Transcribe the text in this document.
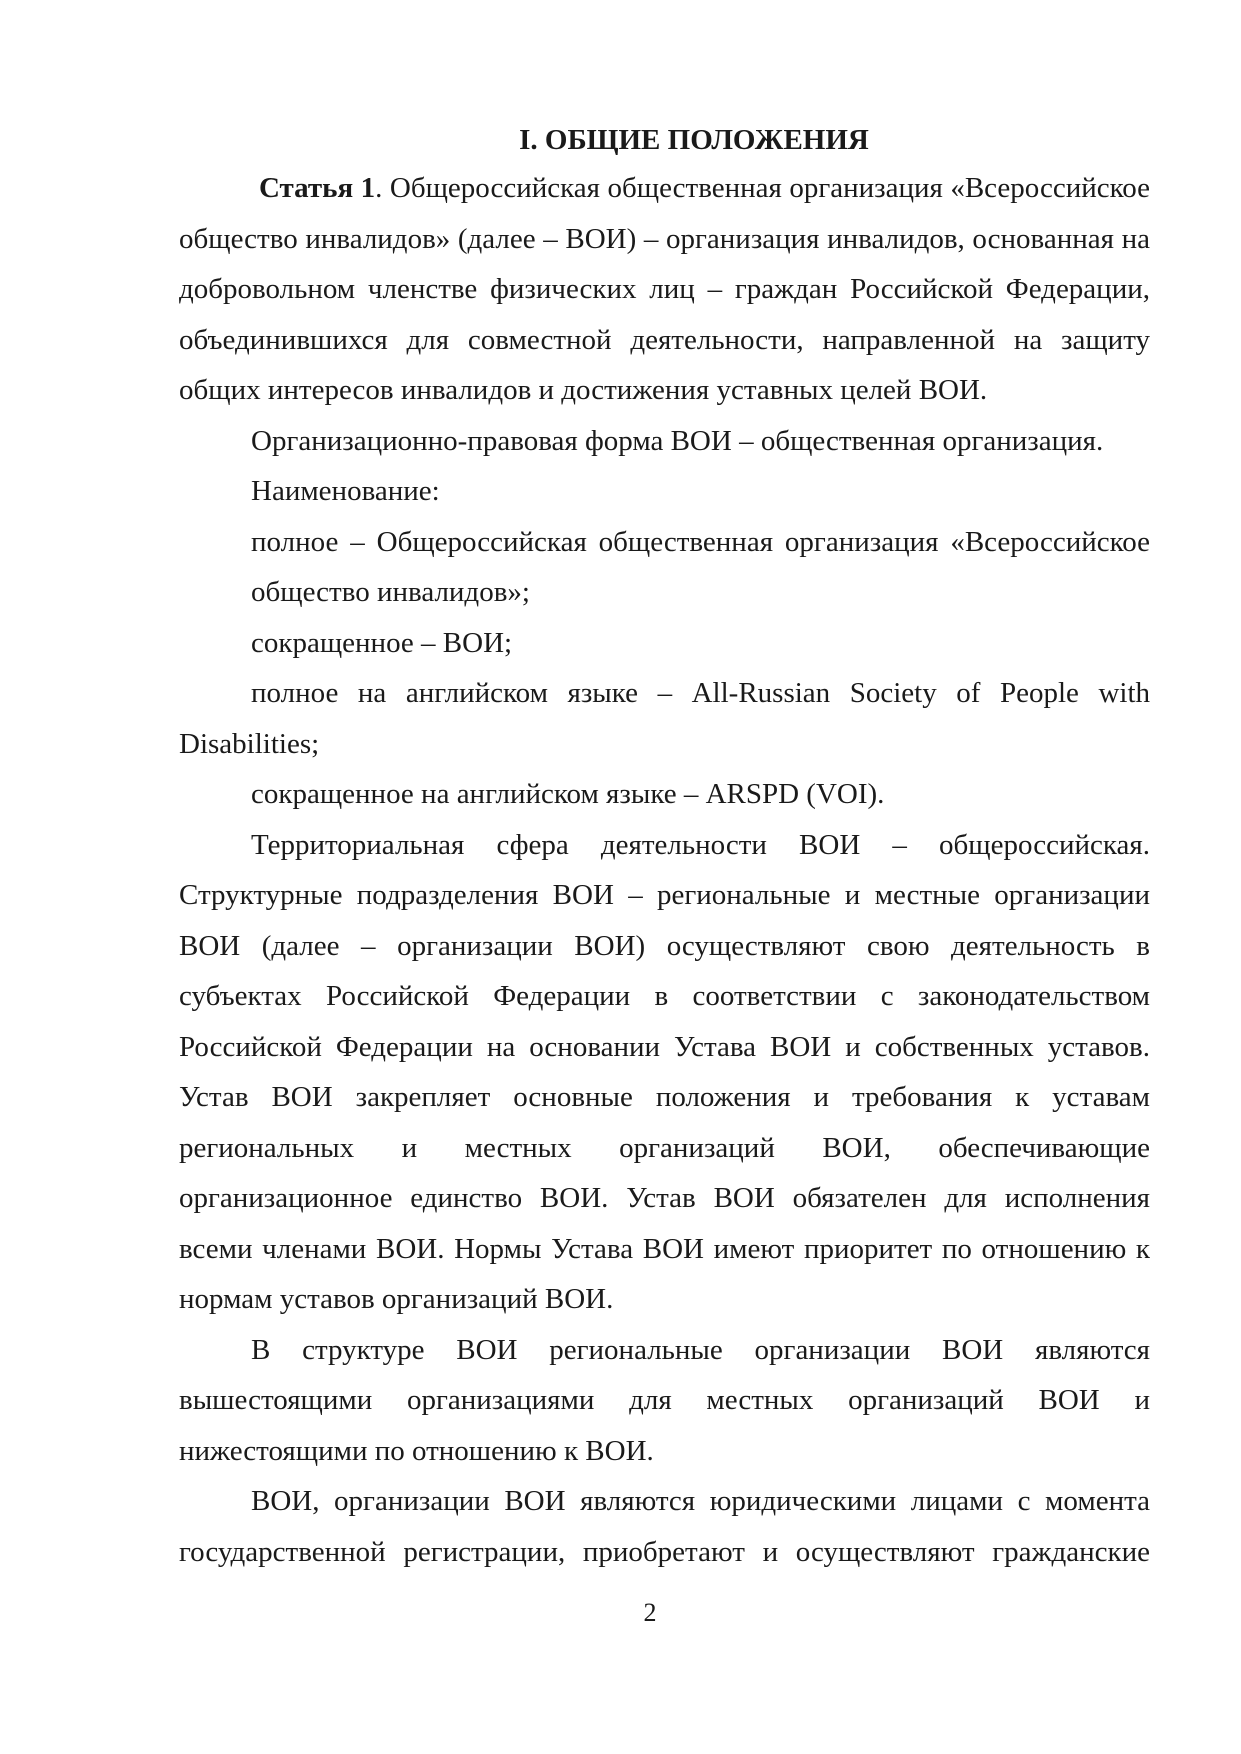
I. ОБЩИЕ ПОЛОЖЕНИЯ

Статья 1. Общероссийская общественная организация «Всероссийское общество инвалидов» (далее – ВОИ) – организация инвалидов, основанная на добровольном членстве физических лиц – граждан Российской Федерации, объединившихся для совместной деятельности, направленной на защиту общих интересов инвалидов и достижения уставных целей ВОИ.

Организационно-правовая форма ВОИ – общественная организация.

Наименование:

полное – Общероссийская общественная организация «Всероссийское

общество инвалидов»;

сокращенное – ВОИ;

полное на английском языке – All-Russian Society of People with

Disabilities;

сокращенное на английском языке – ARSPD (VOI).

Территориальная сфера деятельности ВОИ – общероссийская. Структурные подразделения ВОИ – региональные и местные организации ВОИ (далее – организации ВОИ) осуществляют свою деятельность в субъектах Российской Федерации в соответствии с законодательством Российской Федерации на основании Устава ВОИ и собственных уставов. Устав ВОИ закрепляет основные положения и требования к уставам региональных и местных организаций ВОИ, обеспечивающие организационное единство ВОИ. Устав ВОИ обязателен для исполнения всеми членами ВОИ. Нормы Устава ВОИ имеют приоритет по отношению к нормам уставов организаций ВОИ.

В структуре ВОИ региональные организации ВОИ являются вышестоящими организациями для местных организаций ВОИ и нижестоящими по отношению к ВОИ.

ВОИ, организации ВОИ являются юридическими лицами с момента государственной регистрации, приобретают и осуществляют гражданские

2
